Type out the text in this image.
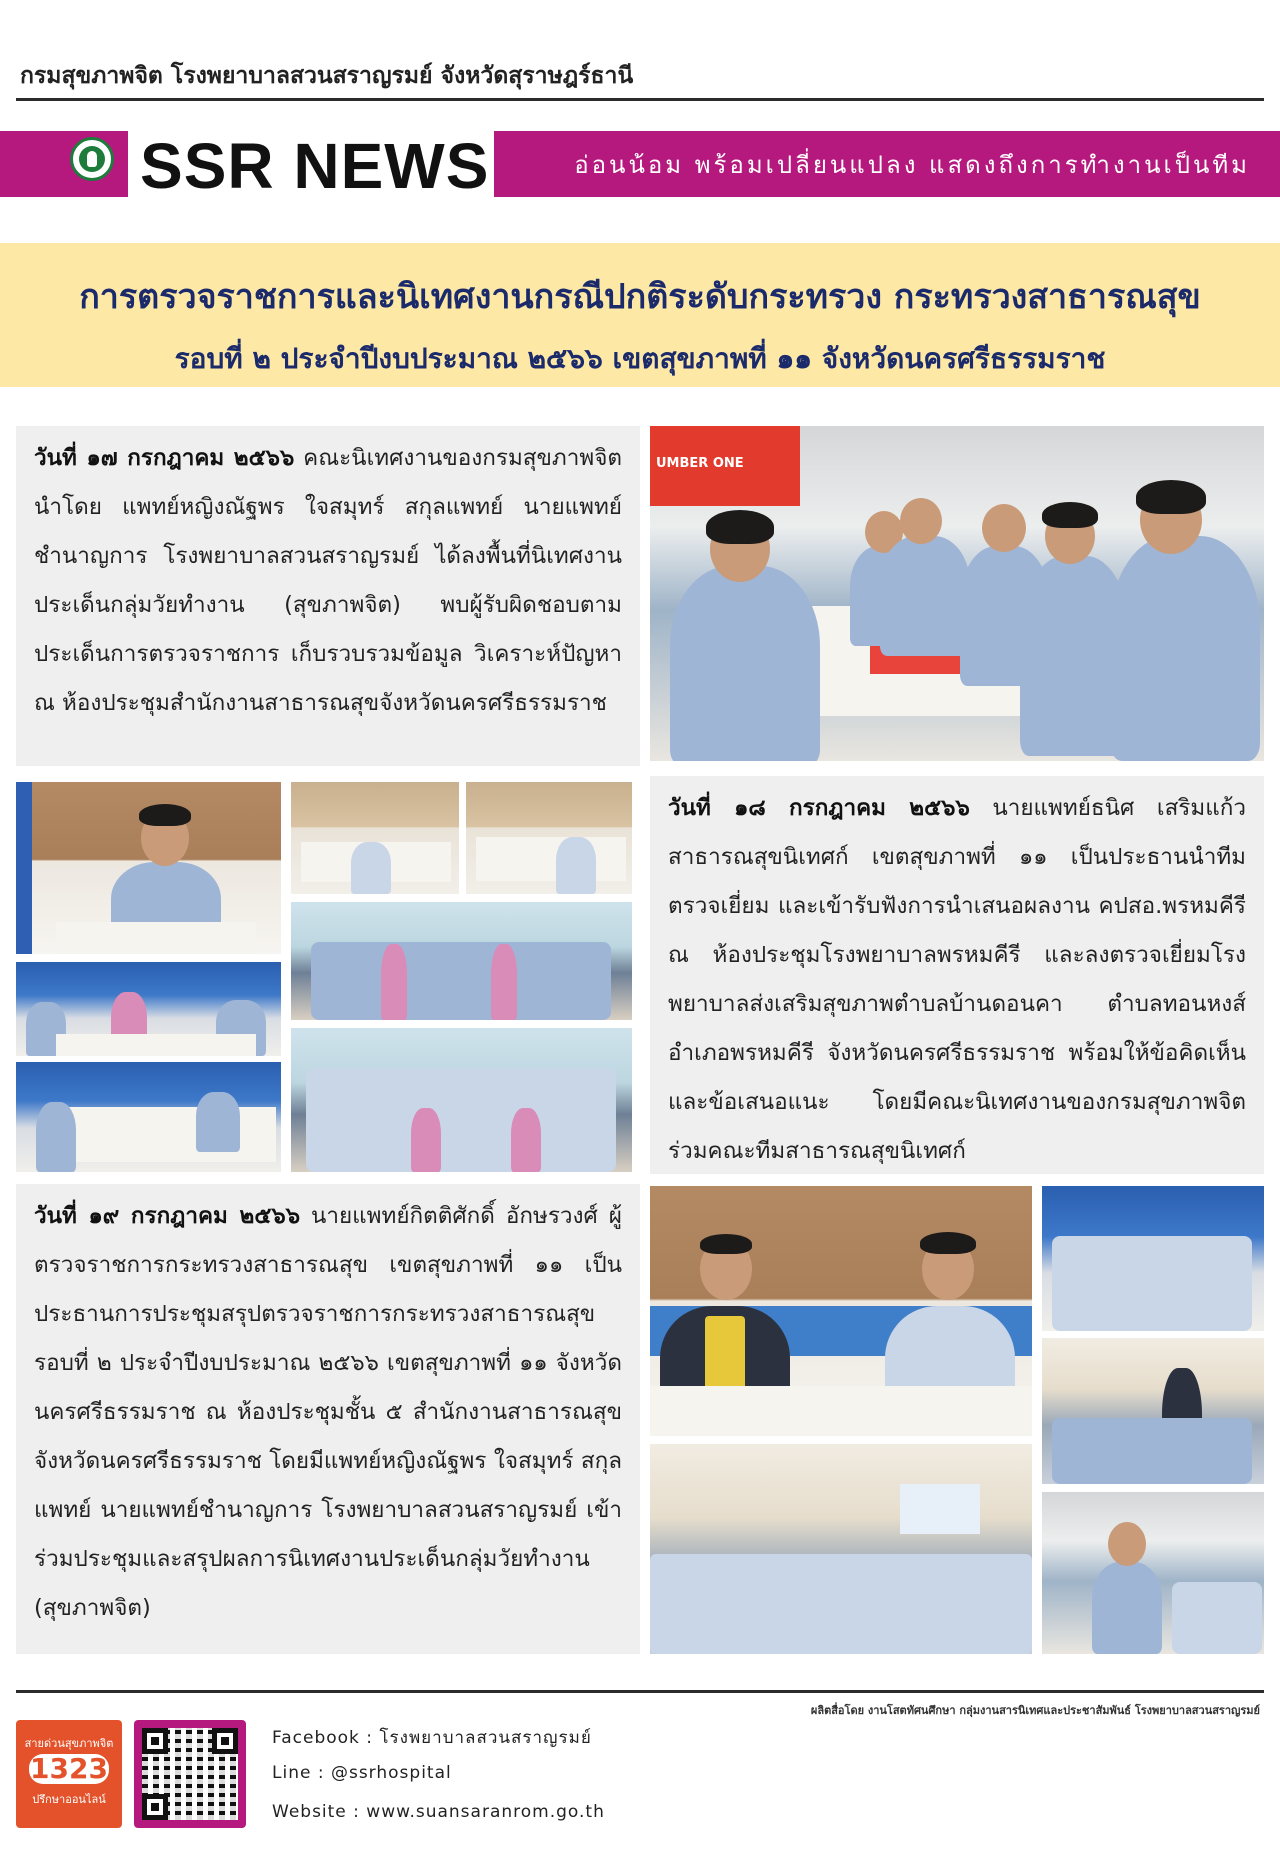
กรมสุขภาพจิต โรงพยาบาลสวนสราญรมย์ จังหวัดสุราษฎร์ธานี
SSR NEWS	อ่อนน้อม พร้อมเปลี่ยนแปลง แสดงถึงการทำงานเป็นทีม
การตรวจราชการและนิเทศงานกรณีปกติระดับกระทรวง กระทรวงสาธารณสุข
รอบที่ ๒ ประจำปีงบประมาณ ๒๕๖๖ เขตสุขภาพที่ ๑๑ จังหวัดนครศรีธรรมราช

วันที่ ๑๗ กรกฎาคม ๒๕๖๖ คณะนิเทศงานของกรมสุขภาพจิต นำโดย แพทย์หญิงณัฐพร ใจสมุทร์ สกุลแพทย์ นายแพทย์ชำนาญการ โรงพยาบาลสวนสราญรมย์ ได้ลงพื้นที่นิเทศงานประเด็นกลุ่มวัยทำงาน (สุขภาพจิต) พบผู้รับผิดชอบตามประเด็นการตรวจราชการ เก็บรวบรวมข้อมูล วิเคราะห์ปัญหา ณ ห้องประชุมสำนักงานสาธารณสุขจังหวัดนครศรีธรรมราช

UMBER ONE

วันที่ ๑๘ กรกฎาคม ๒๕๖๖ นายแพทย์ธนิศ เสริมแก้ว สาธารณสุขนิเทศก์ เขตสุขภาพที่ ๑๑ เป็นประธานนำทีมตรวจเยี่ยม และเข้ารับฟังการนำเสนอผลงาน คปสอ.พรหมคีรี ณ ห้องประชุมโรงพยาบาลพรหมคีรี และลงตรวจเยี่ยมโรงพยาบาลส่งเสริมสุขภาพตำบลบ้านดอนคา ตำบลทอนหงส์ อำเภอพรหมคีรี จังหวัดนครศรีธรรมราช พร้อมให้ข้อคิดเห็นและข้อเสนอแนะ โดยมีคณะนิเทศงานของกรมสุขภาพจิตร่วมคณะทีมสาธารณสุขนิเทศก์

วันที่ ๑๙ กรกฎาคม ๒๕๖๖ นายแพทย์กิตติศักดิ์ อักษรวงศ์ ผู้ตรวจราชการกระทรวงสาธารณสุข เขตสุขภาพที่ ๑๑ เป็นประธานการประชุมสรุปตรวจราชการกระทรวงสาธารณสุข รอบที่ ๒ ประจำปีงบประมาณ ๒๕๖๖ เขตสุขภาพที่ ๑๑ จังหวัดนครศรีธรรมราช ณ ห้องประชุมชั้น ๕ สำนักงานสาธารณสุขจังหวัดนครศรีธรรมราช โดยมีแพทย์หญิงณัฐพร ใจสมุทร์ สกุลแพทย์ นายแพทย์ชำนาญการ โรงพยาบาลสวนสราญรมย์ เข้าร่วมประชุมและสรุปผลการนิเทศงานประเด็นกลุ่มวัยทำงาน (สุขภาพจิต)

ผลิตสื่อโดย งานโสตทัศนศึกษา กลุ่มงานสารนิเทศและประชาสัมพันธ์ โรงพยาบาลสวนสราญรมย์
สายด่วนสุขภาพจิต
1323
ปรึกษาออนไลน์
Facebook : โรงพยาบาลสวนสราญรมย์
Line : @ssrhospital
Website : www.suansaranrom.go.th
